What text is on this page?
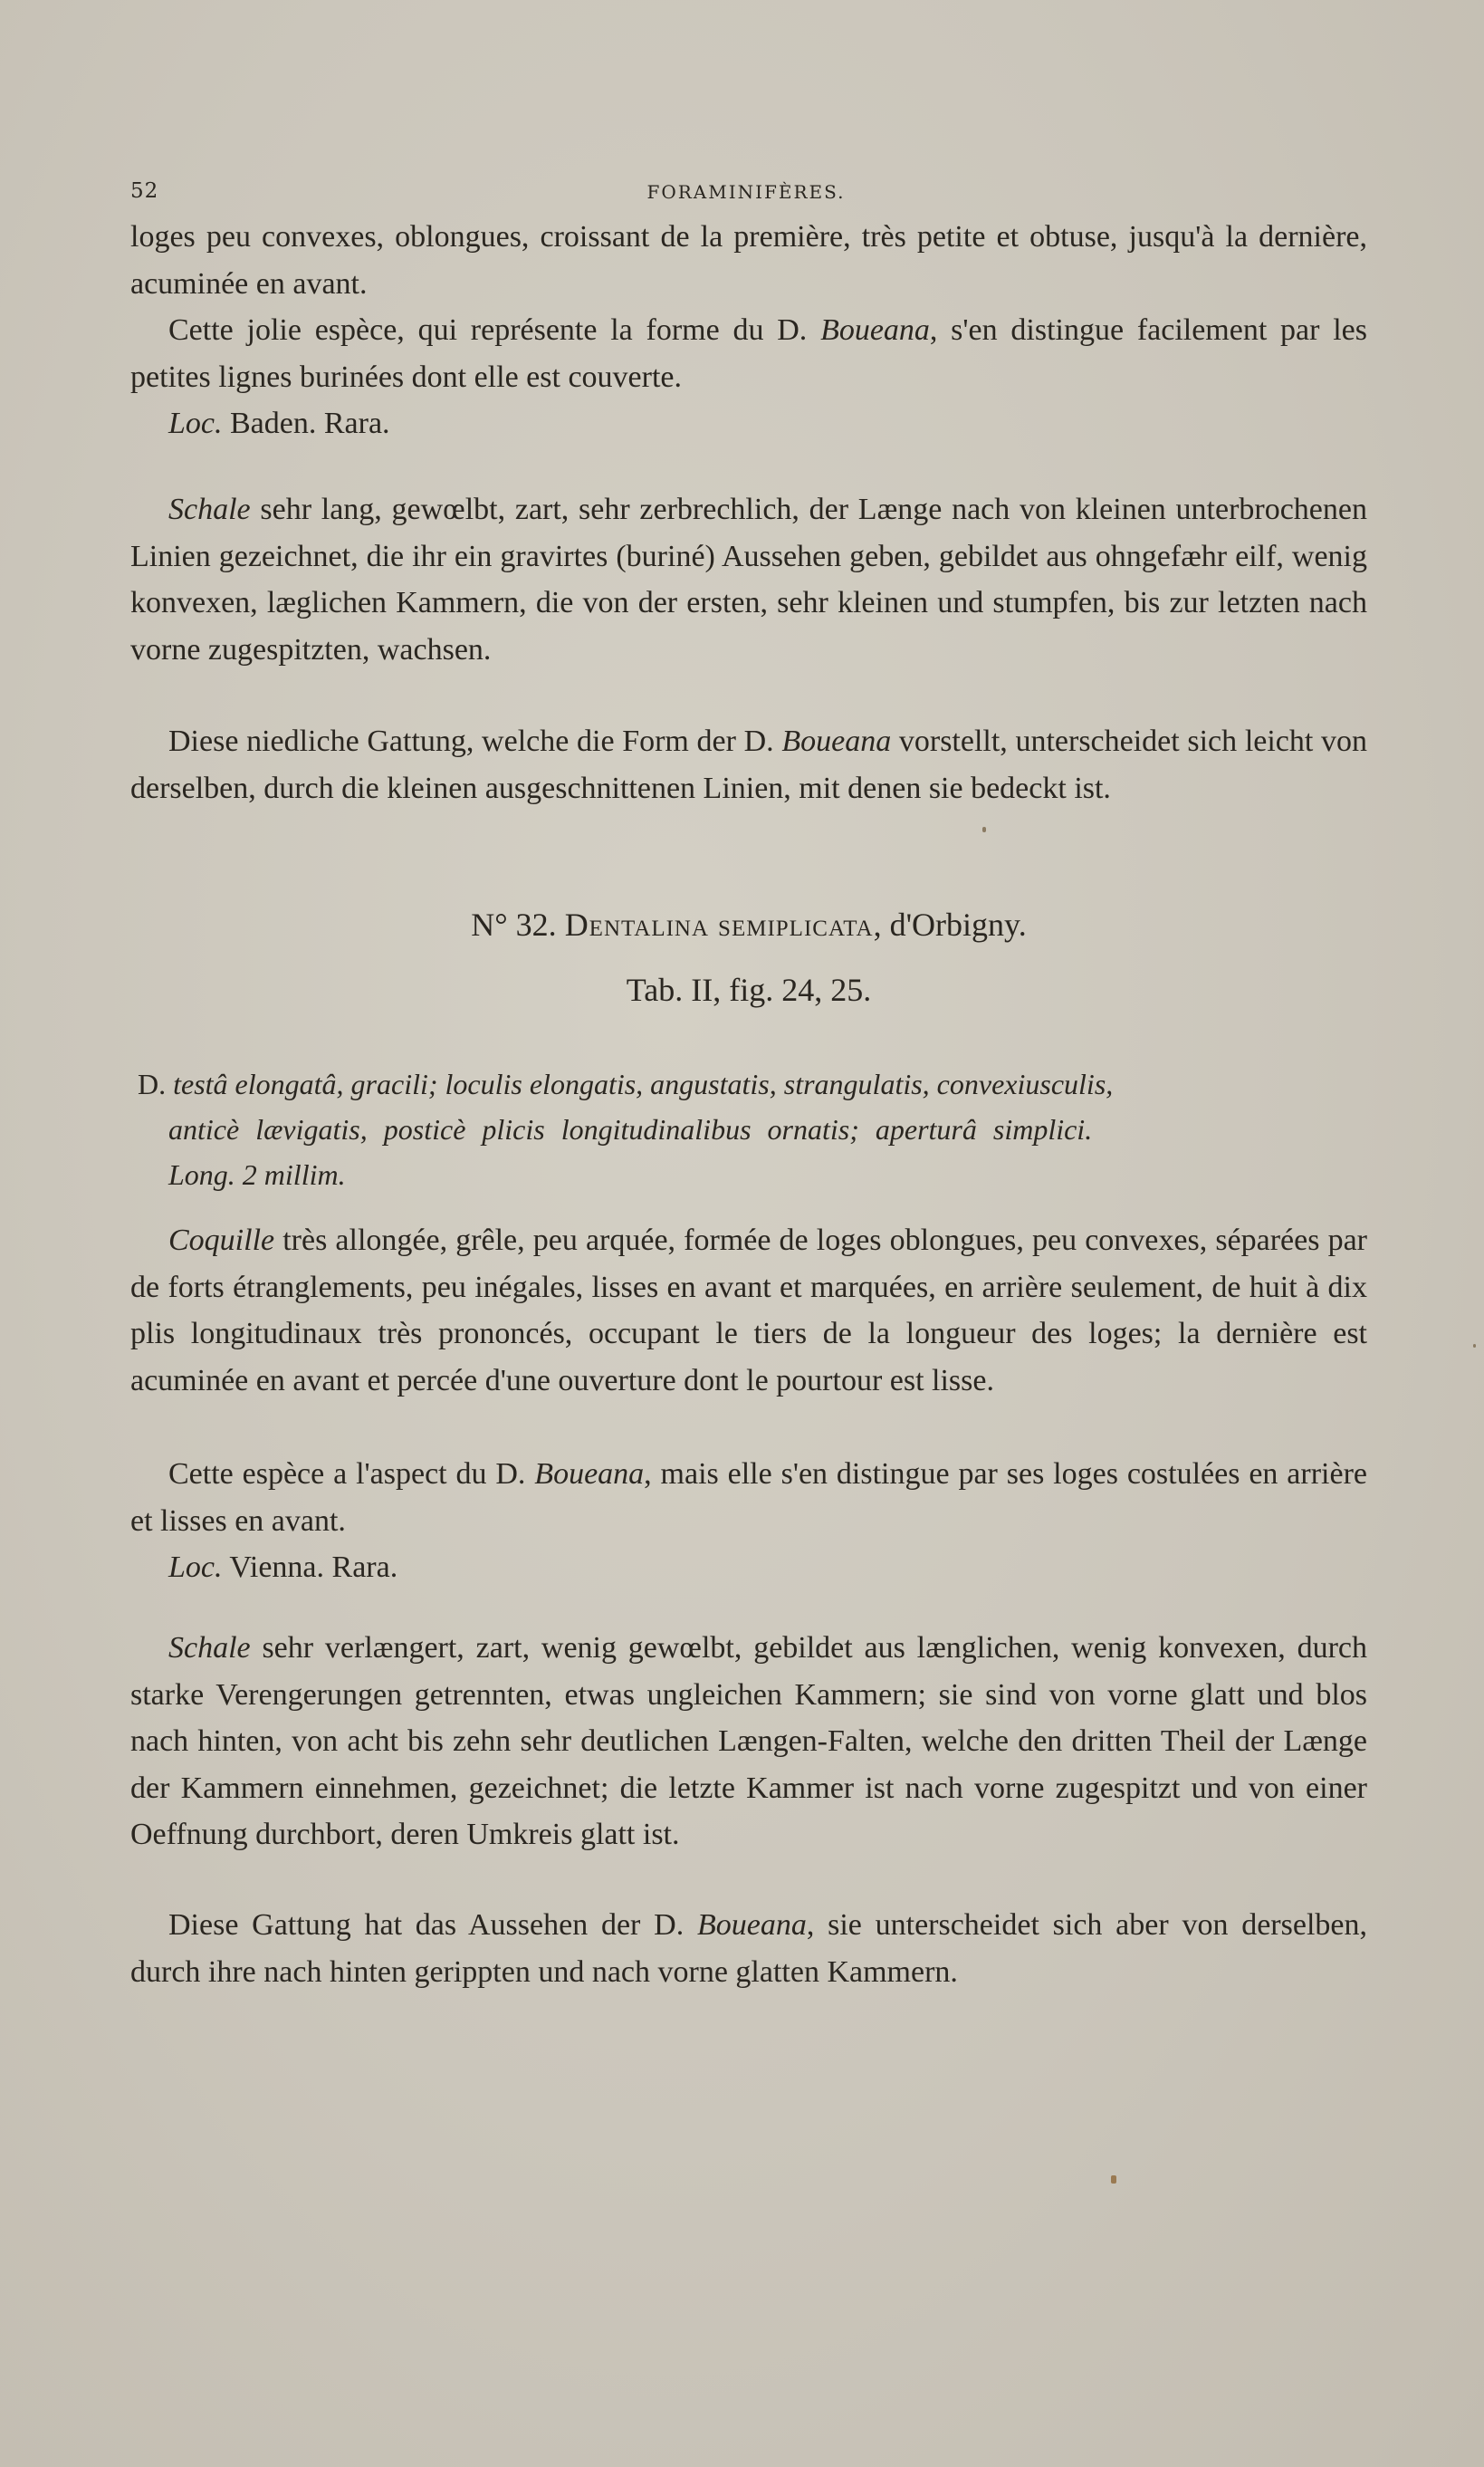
52	FORAMINIFÈRES.

loges peu convexes, oblongues, croissant de la première, très petite et obtuse, jusqu'à la dernière, acuminée en avant.

Cette jolie espèce, qui représente la forme du D. Boueana, s'en distingue facilement par les petites lignes burinées dont elle est couverte.

Loc. Baden. Rara.

Schale sehr lang, gewœlbt, zart, sehr zerbrechlich, der Længe nach von kleinen unterbrochenen Linien gezeichnet, die ihr ein gravirtes (buriné) Aussehen geben, gebildet aus ohngefæhr eilf, wenig konvexen, læglichen Kammern, die von der ersten, sehr kleinen und stumpfen, bis zur letzten nach vorne zugespitzten, wachsen.

Diese niedliche Gattung, welche die Form der D. Boueana vorstellt, unterscheidet sich leicht von derselben, durch die kleinen ausgeschnittenen Linien, mit denen sie bedeckt ist.

N° 32. Dentalina semiplicata, d'Orbigny.
Tab. II, fig. 24, 25.
D. testâ elongatâ, gracili; loculis elongatis, angustatis, strangulatis, convexiusculis,
anticè lævigatis, posticè plicis longitudinalibus ornatis; aperturâ simplici.
Long. 2 millim.

Coquille très allongée, grêle, peu arquée, formée de loges oblongues, peu convexes, séparées par de forts étranglements, peu inégales, lisses en avant et marquées, en arrière seulement, de huit à dix plis longitudinaux très prononcés, occupant le tiers de la longueur des loges; la dernière est acuminée en avant et percée d'une ouverture dont le pourtour est lisse.

Cette espèce a l'aspect du D. Boueana, mais elle s'en distingue par ses loges costulées en arrière et lisses en avant.

Loc. Vienna. Rara.

Schale sehr verlængert, zart, wenig gewœlbt, gebildet aus længlichen, wenig konvexen, durch starke Verengerungen getrennten, etwas ungleichen Kammern; sie sind von vorne glatt und blos nach hinten, von acht bis zehn sehr deutlichen Længen-Falten, welche den dritten Theil der Længe der Kammern einnehmen, gezeichnet; die letzte Kammer ist nach vorne zugespitzt und von einer Oeffnung durchbort, deren Umkreis glatt ist.

Diese Gattung hat das Aussehen der D. Boueana, sie unterscheidet sich aber von derselben, durch ihre nach hinten gerippten und nach vorne glatten Kammern.
